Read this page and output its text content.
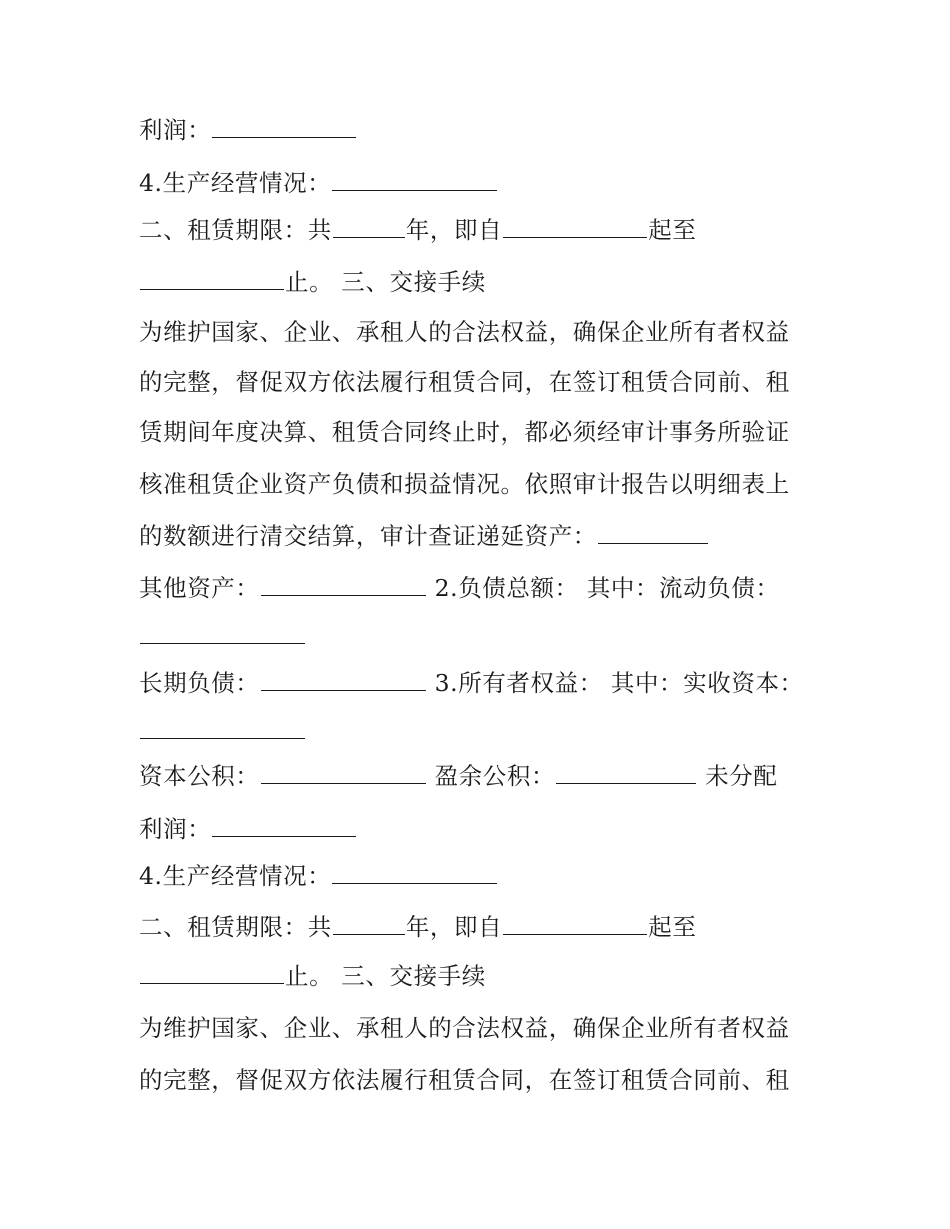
利润：

4.生产经营情况：

二、租赁期限：共	年，即自	起至

止。 三、交接手续

为维护国家、企业、承租人的合法权益，确保企业所有者权益

的完整，督促双方依法履行租赁合同，在签订租赁合同前、租

赁期间年度决算、租赁合同终止时，都必须经审计事务所验证

核准租赁企业资产负债和损益情况。依照审计报告以明细表上

的数额进行清交结算，审计查证递延资产：

其他资产：	2.负债总额： 其中：流动负债：

长期负债：	3.所有者权益： 其中：实收资本：

资本公积：	盈余公积：	未分配

利润：

4.生产经营情况：

二、租赁期限：共	年，即自	起至

止。 三、交接手续

为维护国家、企业、承租人的合法权益，确保企业所有者权益

的完整，督促双方依法履行租赁合同，在签订租赁合同前、租
